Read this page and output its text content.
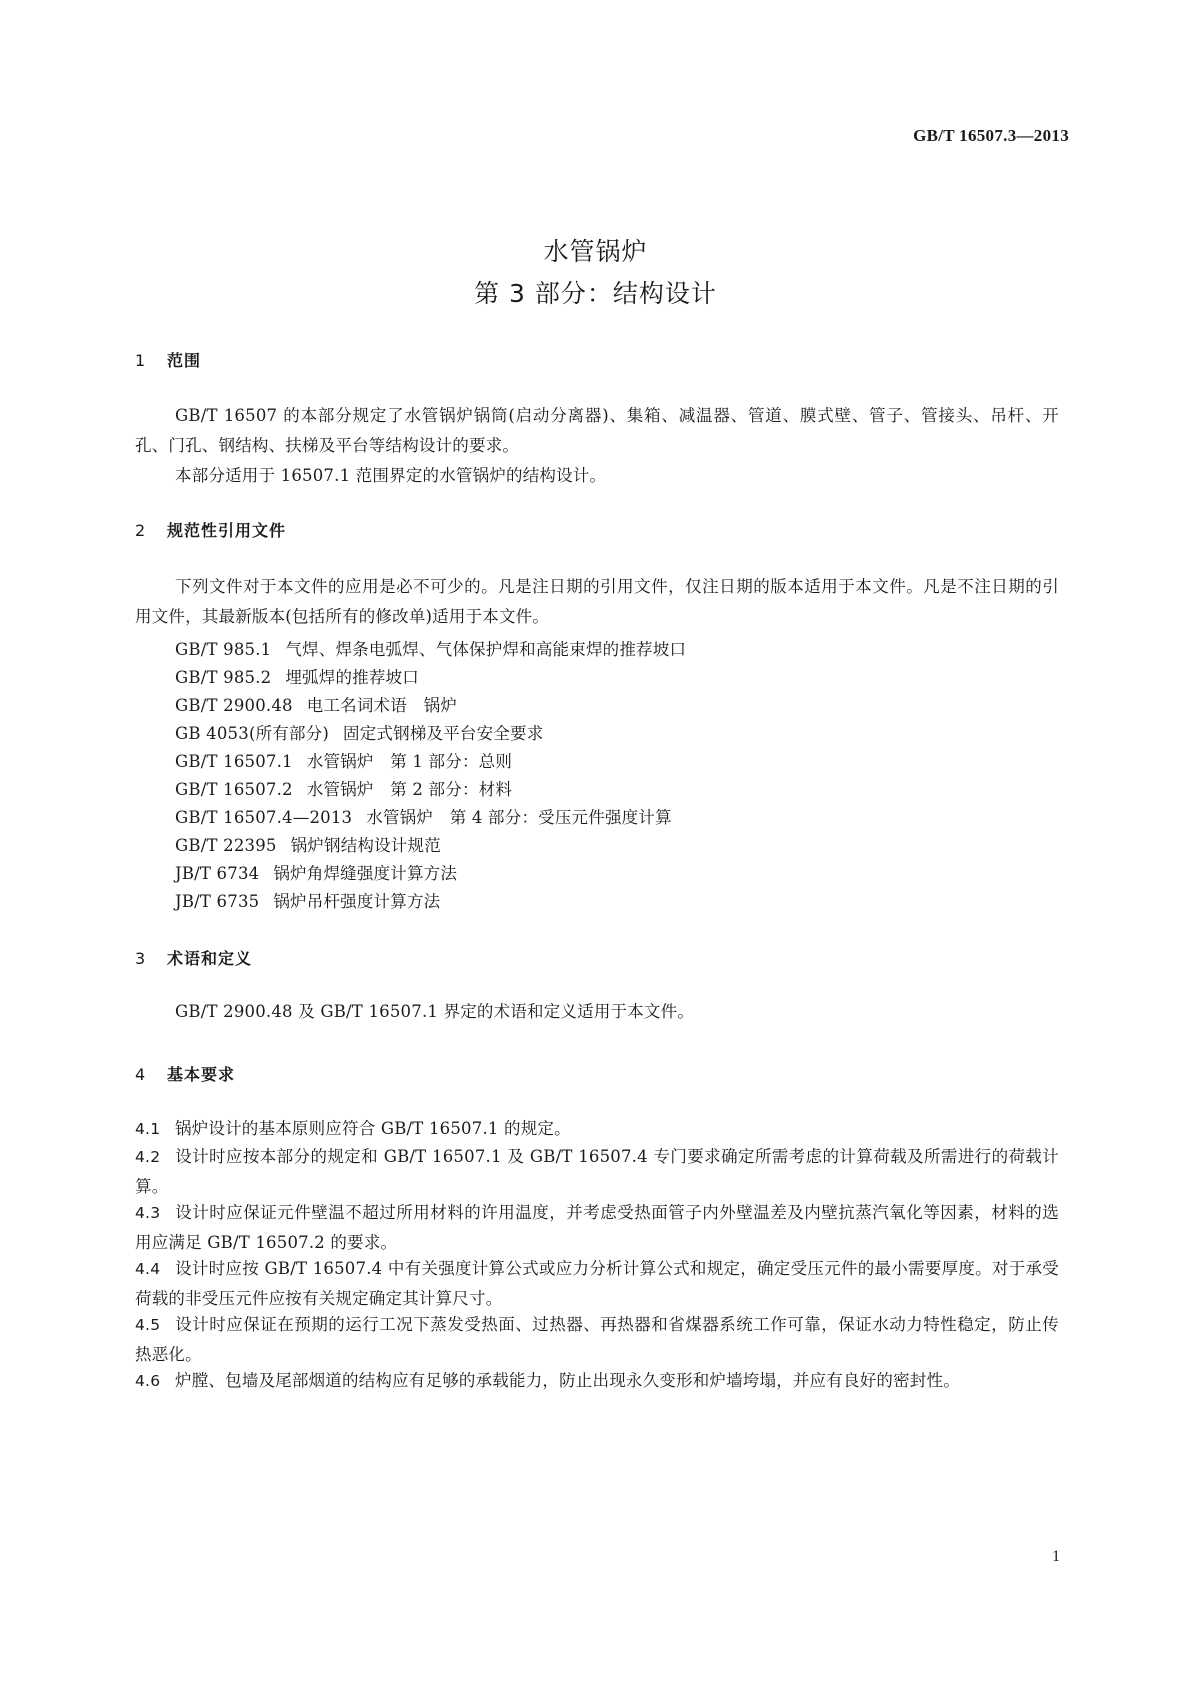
GB/T 16507.3—2013
水管锅炉
第 3 部分：结构设计
1 范围
GB/T 16507 的本部分规定了水管锅炉锅筒(启动分离器)、集箱、减温器、管道、膜式壁、管子、管接头、吊杆、开孔、门孔、钢结构、扶梯及平台等结构设计的要求。
本部分适用于 16507.1 范围界定的水管锅炉的结构设计。
2 规范性引用文件
下列文件对于本文件的应用是必不可少的。凡是注日期的引用文件，仅注日期的版本适用于本文件。凡是不注日期的引用文件，其最新版本(包括所有的修改单)适用于本文件。
GB/T 985.1 气焊、焊条电弧焊、气体保护焊和高能束焊的推荐坡口
GB/T 985.2 埋弧焊的推荐坡口
GB/T 2900.48 电工名词术语　锅炉
GB 4053(所有部分) 固定式钢梯及平台安全要求
GB/T 16507.1 水管锅炉　第 1 部分：总则
GB/T 16507.2 水管锅炉　第 2 部分：材料
GB/T 16507.4—2013 水管锅炉　第 4 部分：受压元件强度计算
GB/T 22395 锅炉钢结构设计规范
JB/T 6734 锅炉角焊缝强度计算方法
JB/T 6735 锅炉吊杆强度计算方法
3 术语和定义
GB/T 2900.48 及 GB/T 16507.1 界定的术语和定义适用于本文件。
4 基本要求
4.1 锅炉设计的基本原则应符合 GB/T 16507.1 的规定。
4.2 设计时应按本部分的规定和 GB/T 16507.1 及 GB/T 16507.4 专门要求确定所需考虑的计算荷载及所需进行的荷载计算。
4.3 设计时应保证元件壁温不超过所用材料的许用温度，并考虑受热面管子内外壁温差及内壁抗蒸汽氧化等因素，材料的选用应满足 GB/T 16507.2 的要求。
4.4 设计时应按 GB/T 16507.4 中有关强度计算公式或应力分析计算公式和规定，确定受压元件的最小需要厚度。对于承受荷载的非受压元件应按有关规定确定其计算尺寸。
4.5 设计时应保证在预期的运行工况下蒸发受热面、过热器、再热器和省煤器系统工作可靠，保证水动力特性稳定，防止传热恶化。
4.6 炉膛、包墙及尾部烟道的结构应有足够的承载能力，防止出现永久变形和炉墙垮塌，并应有良好的密封性。
1
